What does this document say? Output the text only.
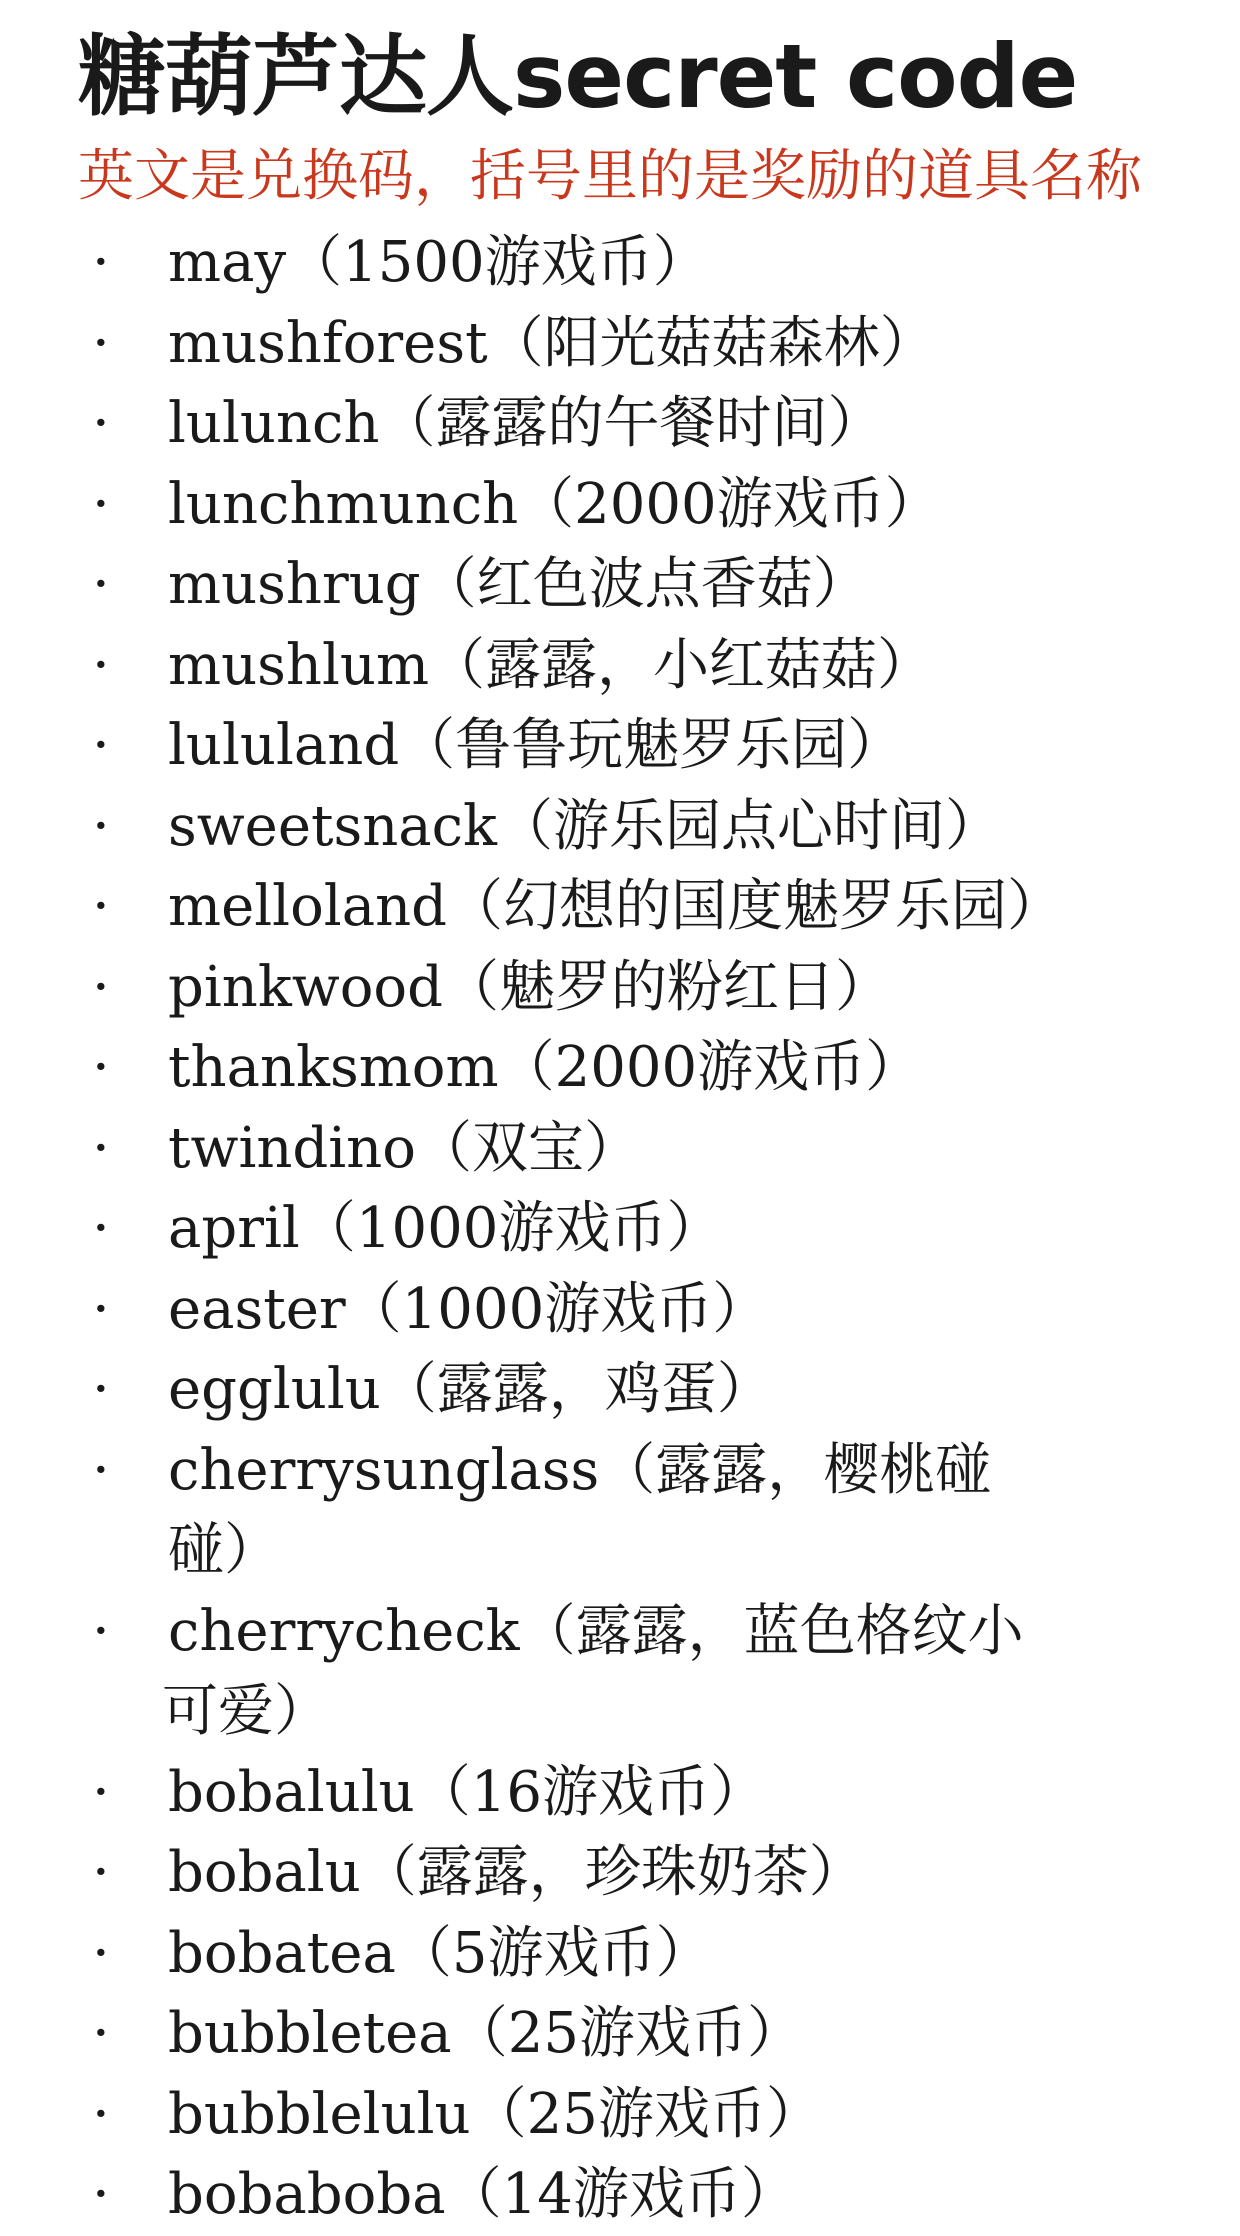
糖葫芦达人secret code

英文是兑换码，括号里的是奖励的道具名称

·	may（1500游戏币）
·	mushforest（阳光菇菇森林）
·	lulunch（露露的午餐时间）
·	lunchmunch（2000游戏币）
·	mushrug（红色波点香菇）
·	mushlum（露露，小红菇菇）
·	lululand（鲁鲁玩魅罗乐园）
·	sweetsnack（游乐园点心时间）
·	melloland（幻想的国度魅罗乐园）
·	pinkwood（魅罗的粉红日）
·	thanksmom（2000游戏币）
·	twindino（双宝）
·	april（1000游戏币）
·	easter（1000游戏币）
·	egglulu（露露，鸡蛋）
·	cherrysunglass（露露，樱桃碰碰）
·	cherrycheck（露露，蓝色格纹小
可爱）
·	bobalulu（16游戏币）
·	bobalu（露露，珍珠奶茶）
·	bobatea（5游戏币）
·	bubbletea（25游戏币）
·	bubblelulu（25游戏币）
·	bobaboba（14游戏币）
